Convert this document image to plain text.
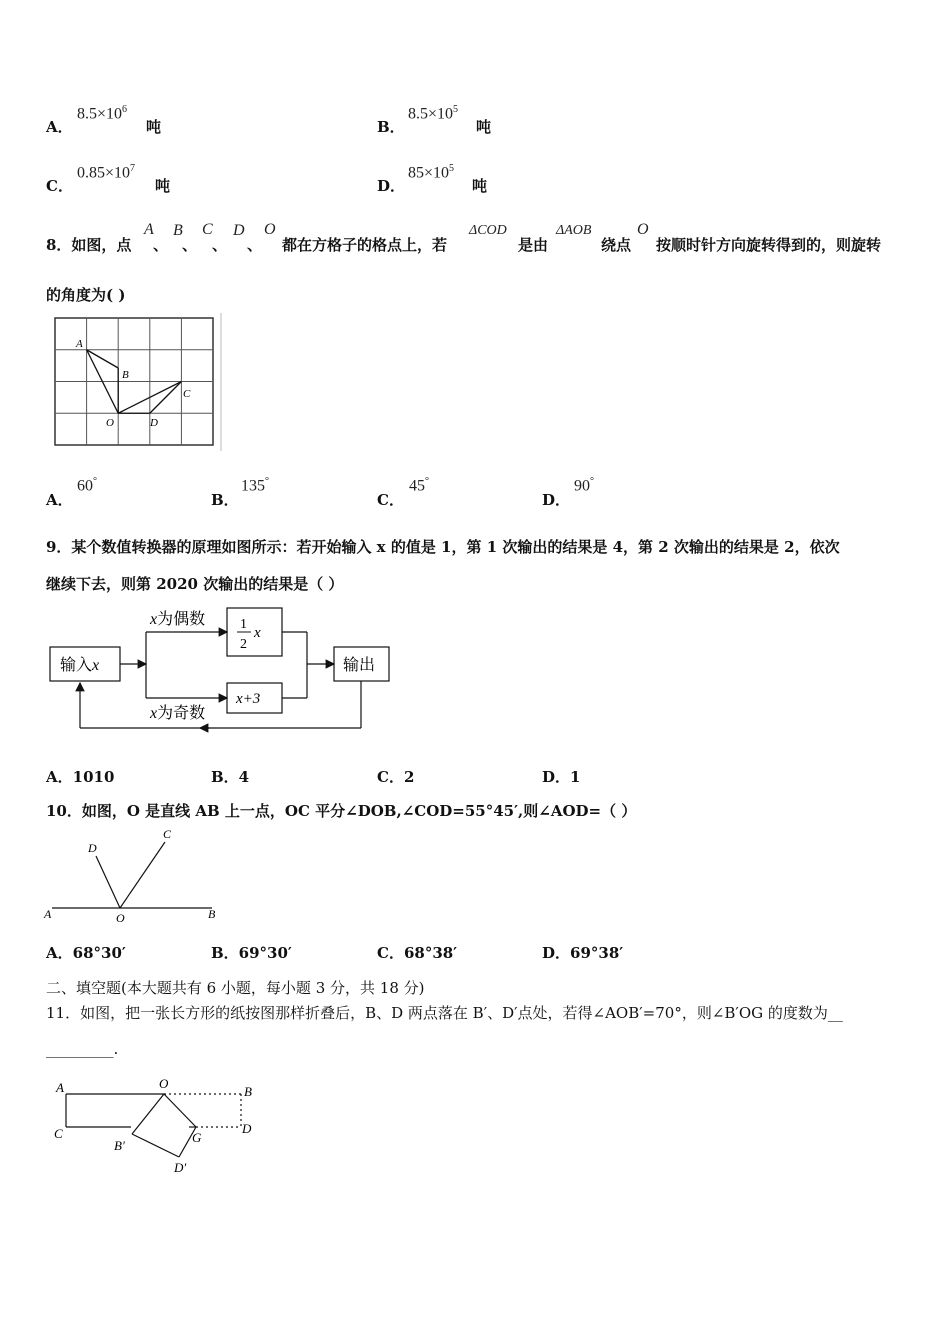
A．
$8.5\times 10^6$
吨	B．
$8.5\times 10^5$
吨
C．
$0.85\times 10^7$
吨	D．
$85\times 10^5$
吨
8．如图，点
A
、
B
、
C
、
D
、
O
都在方格子的格点上，若
ΔCOD
是由
ΔAOB
绕点
O
按顺时针方向旋转得到的，则旋转
的角度为( )
A
B
C
O	D
A．
60°
B．
135°
C．
45°
D．
90°
9．某个数值转换器的原理如图所示：若开始输入 x 的值是 1，第 1 次输出的结果是 4，第 2 次输出的结果是 2，依次
继续下去，则第 2020 次输出的结果是（ ）
输入x
x为偶数
x为奇数
1
2
x
x+3
输出
A．1010	B．4	C．2	D．1
10．如图，O 是直线 AB 上一点，OC 平分∠DOB,∠COD=55°45′,则∠AOD=（ ）
A	O	B
C
D
A．68°30′	B．69°30′	C．68°38′	D．69°38′
二、填空题(本大题共有 6 小题，每小题 3 分，共 18 分)
11．如图，把一张长方形的纸按图那样折叠后，B、D 两点落在 B′、D′点处，若得∠AOB′=70°，则∠B′OG 的度数为__
_________.
A	O
B
C	D
B′
G
D′
